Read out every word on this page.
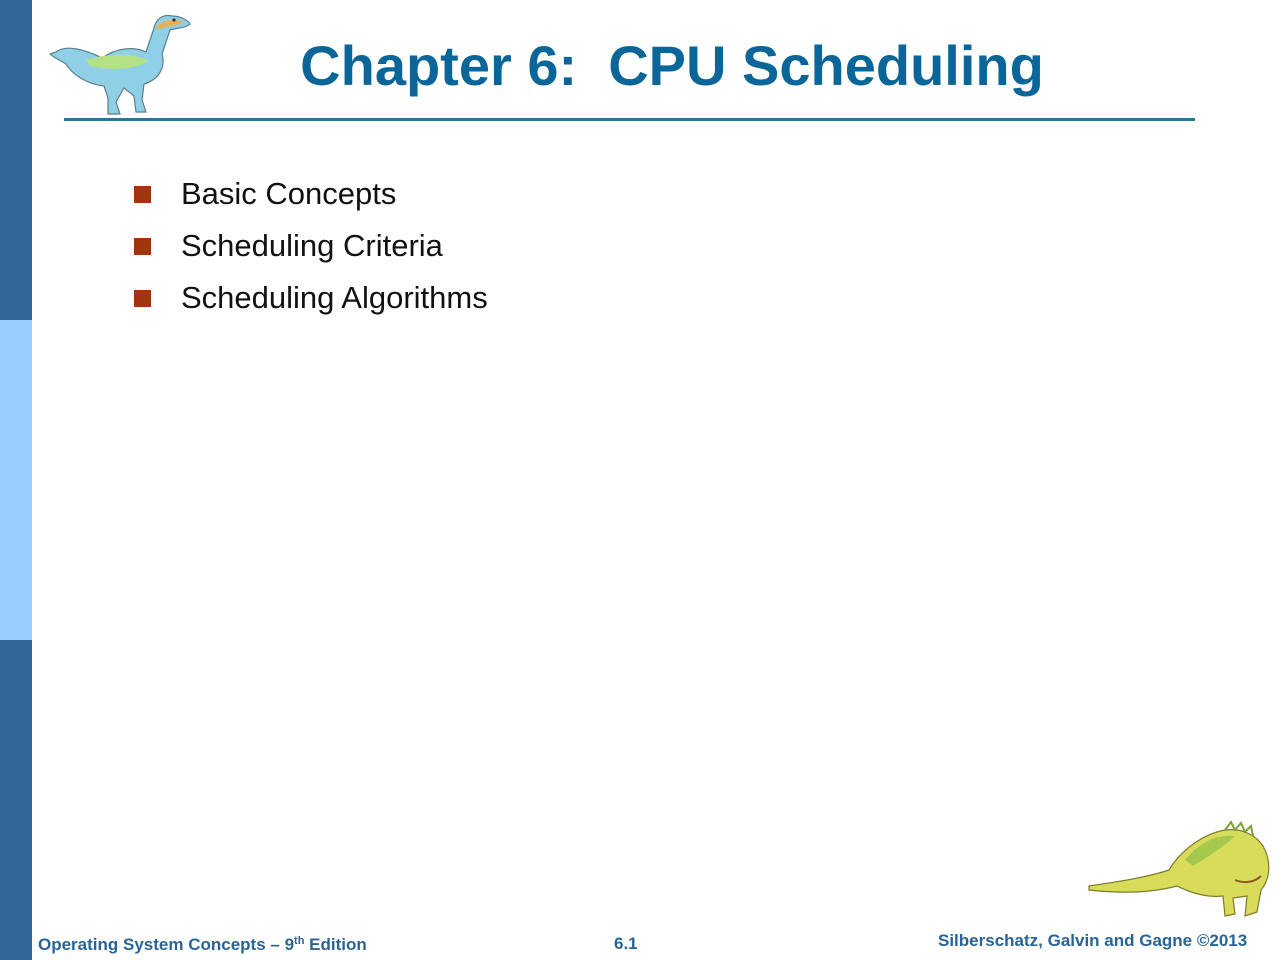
Chapter 6:  CPU Scheduling
Basic Concepts
Scheduling Criteria
Scheduling Algorithms
Operating System Concepts – 9th Edition	6.1	Silberschatz, Galvin and Gagne ©2013
